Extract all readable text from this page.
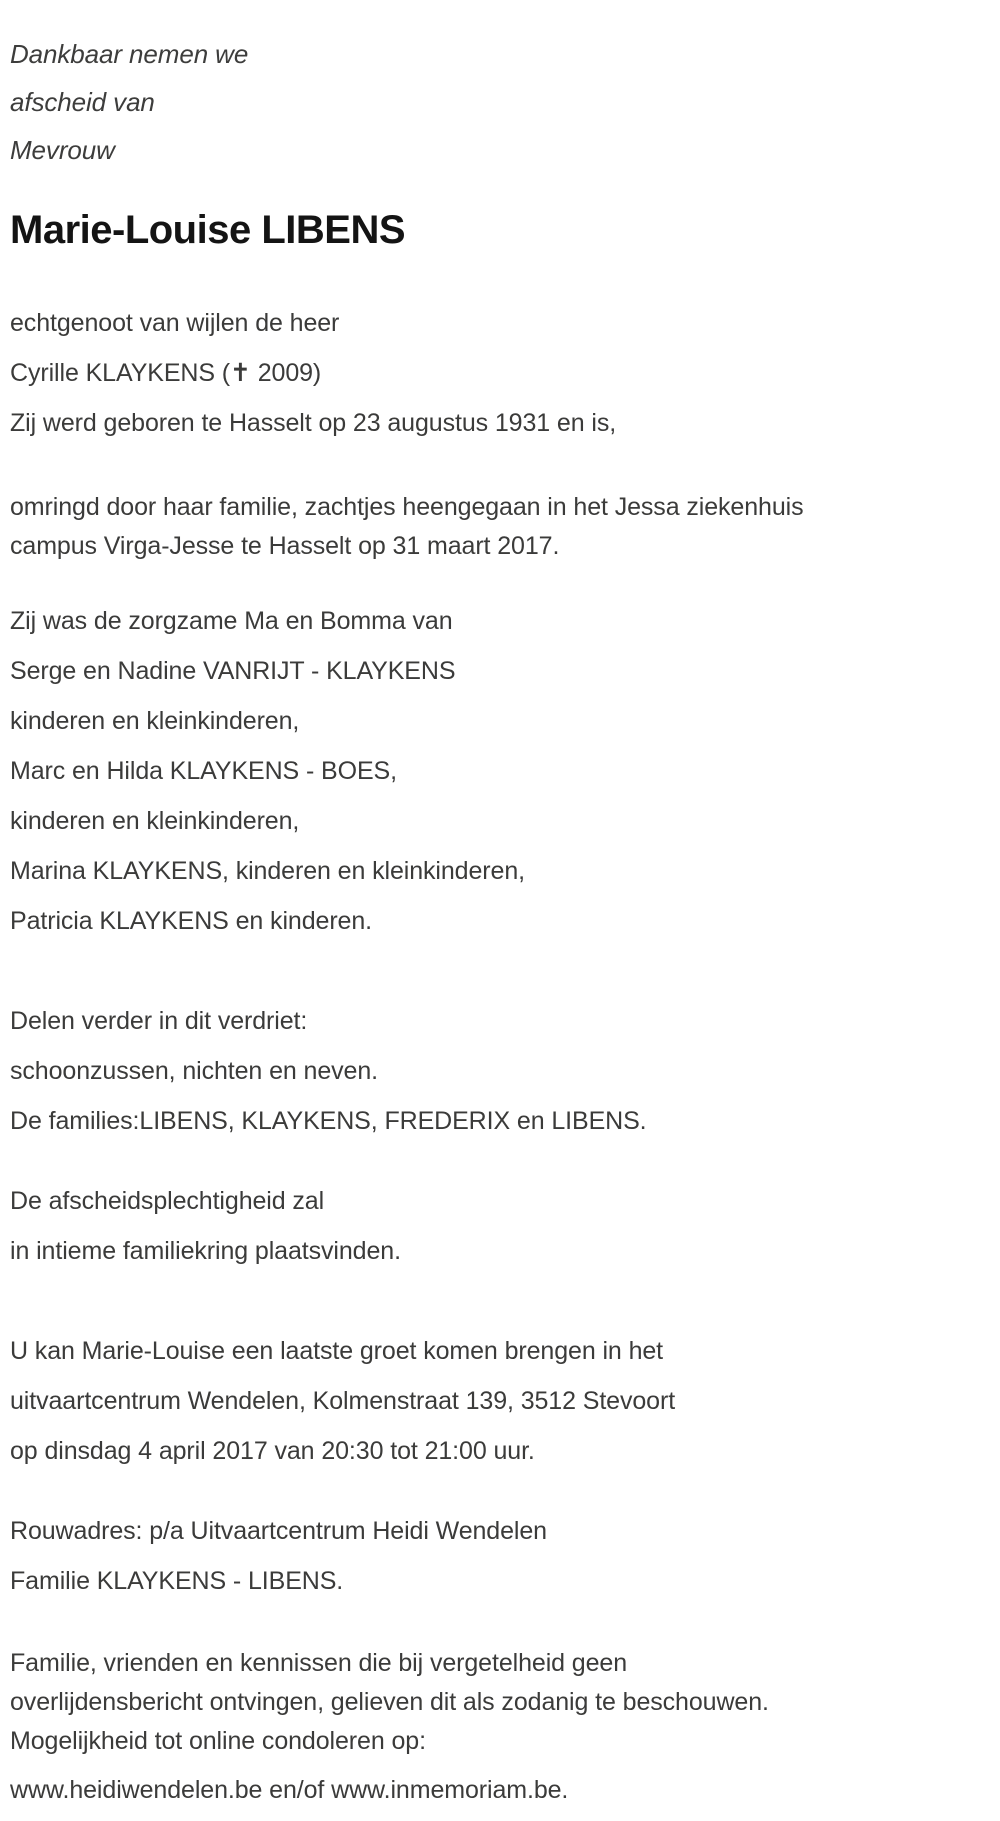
Dankbaar nemen we
afscheid van
Mevrouw
Marie-Louise LIBENS
echtgenoot van wijlen de heer
Cyrille KLAYKENS (✝ 2009)
Zij werd geboren te Hasselt op 23 augustus 1931 en is,
omringd door haar familie, zachtjes heengegaan in het Jessa ziekenhuis
campus Virga-Jesse te Hasselt op 31 maart 2017.
Zij was de zorgzame Ma en Bomma van
Serge en Nadine VANRIJT - KLAYKENS
kinderen en kleinkinderen,
Marc en Hilda KLAYKENS - BOES,
kinderen en kleinkinderen,
Marina KLAYKENS, kinderen en kleinkinderen,
Patricia KLAYKENS en kinderen.
Delen verder in dit verdriet:
schoonzussen, nichten en neven.
De families:LIBENS, KLAYKENS, FREDERIX en LIBENS.
De afscheidsplechtigheid zal
in intieme familiekring plaatsvinden.
U kan Marie-Louise een laatste groet komen brengen in het
uitvaartcentrum Wendelen, Kolmenstraat 139, 3512 Stevoort
op dinsdag 4 april 2017 van 20:30 tot 21:00 uur.
Rouwadres: p/a Uitvaartcentrum Heidi Wendelen
Familie KLAYKENS - LIBENS.
Familie, vrienden en kennissen die bij vergetelheid geen
overlijdensbericht ontvingen, gelieven dit als zodanig te beschouwen.
Mogelijkheid tot online condoleren op:
www.heidiwendelen.be en/of www.inmemoriam.be.
